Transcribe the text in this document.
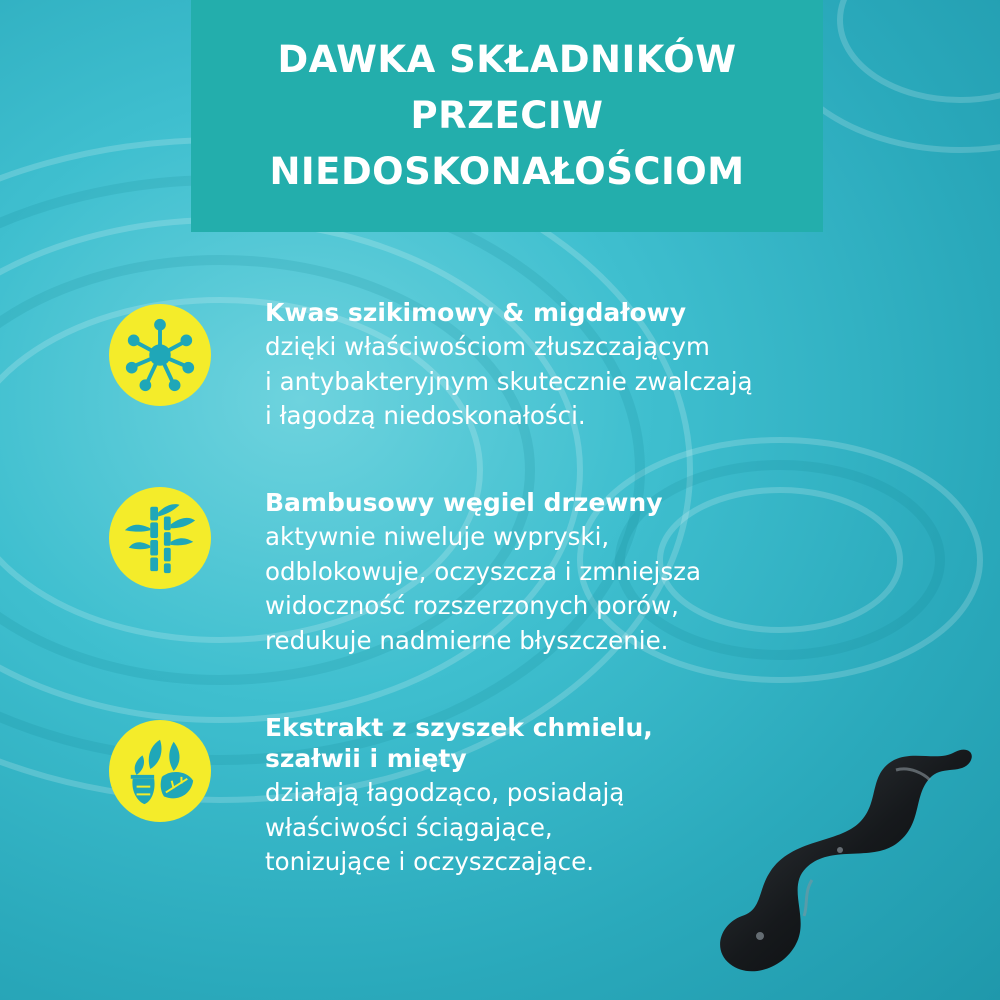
DAWKA SKŁADNIKÓW
PRZECIW
NIEDOSKONAŁOŚCIOM
Kwas szikimowy & migdałowy

dzięki właściwościom złuszczającym
i antybakteryjnym skutecznie zwalczają
i łagodzą niedoskonałości.

Bambusowy węgiel drzewny

aktywnie niweluje wypryski,
odblokowuje, oczyszcza i zmniejsza
widoczność rozszerzonych porów,
redukuje nadmierne błyszczenie.

Ekstrakt z szyszek chmielu,
szałwii i mięty

działają łagodząco, posiadają
właściwości ściągające,
tonizujące i oczyszczające.
